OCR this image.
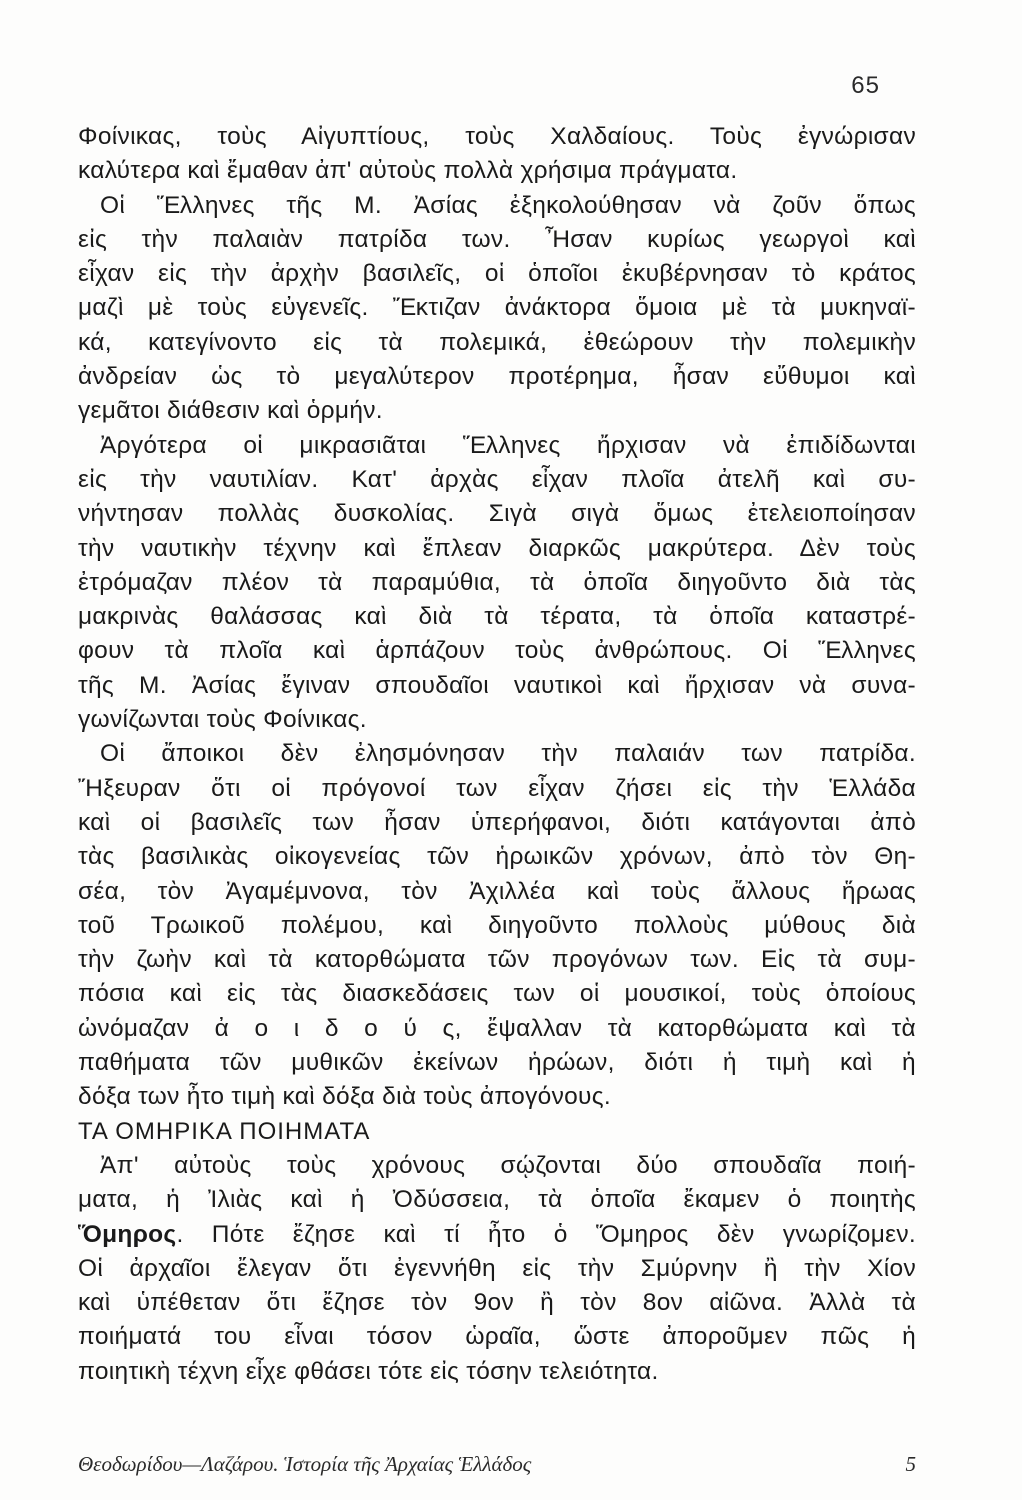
65
Φοίνικας, τοὺς Αἰγυπτίους, τοὺς Χαλδαίους. Τοὺς ἐγνώρισαν
καλύτερα καὶ ἔμαθαν ἀπ' αὐτοὺς πολλὰ χρήσιμα πράγματα.
Οἱ Ἕλληνες τῆς Μ. Ἀσίας ἐξηκολούθησαν νὰ ζοῦν ὅπως
εἰς τὴν παλαιὰν πατρίδα των. Ἦσαν κυρίως γεωργοὶ καὶ
εἶχαν εἰς τὴν ἀρχὴν βασιλεῖς, οἱ ὁποῖοι ἐκυβέρνησαν τὸ κράτος
μαζὶ μὲ τοὺς εὐγενεῖς. Ἔκτιζαν ἀνάκτορα ὅμοια μὲ τὰ μυκηναϊ-
κά, κατεγίνοντο εἰς τὰ πολεμικά, ἐθεώρουν τὴν πολεμικὴν
ἀνδρείαν ὡς τὸ μεγαλύτερον προτέρημα, ἦσαν εὔθυμοι καὶ
γεμᾶτοι διάθεσιν καὶ ὁρμήν.
Ἀργότερα οἱ μικρασιᾶται Ἕλληνες ἤρχισαν νὰ ἐπιδίδωνται
εἰς τὴν ναυτιλίαν. Κατ' ἀρχὰς εἶχαν πλοῖα ἀτελῆ καὶ συ-
νήντησαν πολλὰς δυσκολίας. Σιγὰ σιγὰ ὅμως ἐτελειοποίησαν
τὴν ναυτικὴν τέχνην καὶ ἔπλεαν διαρκῶς μακρύτερα. Δὲν τοὺς
ἐτρόμαζαν πλέον τὰ παραμύθια, τὰ ὁποῖα διηγοῦντο διὰ τὰς
μακρινὰς θαλάσσας καὶ διὰ τὰ τέρατα, τὰ ὁποῖα καταστρέ-
φουν τὰ πλοῖα καὶ ἁρπάζουν τοὺς ἀνθρώπους. Οἱ Ἕλληνες
τῆς Μ. Ἀσίας ἔγιναν σπουδαῖοι ναυτικοὶ καὶ ἤρχισαν νὰ συνα-
γωνίζωνται τοὺς Φοίνικας.
Οἱ ἄποικοι δὲν ἐλησμόνησαν τὴν παλαιάν των πατρίδα.
Ἤξευραν ὅτι οἱ πρόγονοί των εἶχαν ζήσει εἰς τὴν Ἑλλάδα
καὶ οἱ βασιλεῖς των ἦσαν ὑπερήφανοι, διότι κατάγονται ἀπὸ
τὰς βασιλικὰς οἰκογενείας τῶν ἡρωικῶν χρόνων, ἀπὸ τὸν Θη-
σέα, τὸν Ἀγαμέμνονα, τὸν Ἀχιλλέα καὶ τοὺς ἄλλους ἥρωας
τοῦ Τρωικοῦ πολέμου, καὶ διηγοῦντο πολλοὺς μύθους διὰ
τὴν ζωὴν καὶ τὰ κατορθώματα τῶν προγόνων των. Εἰς τὰ συμ-
πόσια καὶ εἰς τὰς διασκεδάσεις των οἱ μουσικοί, τοὺς ὁποίους
ὠνόμαζαν ἀ ο ι δ ο ύ ς, ἔψαλλαν τὰ κατορθώματα καὶ τὰ
παθήματα τῶν μυθικῶν ἐκείνων ἡρώων, διότι ἡ τιμὴ καὶ ἡ
δόξα των ἦτο τιμὴ καὶ δόξα διὰ τοὺς ἀπογόνους.
ΤΑ ΟΜΗΡΙΚΑ ΠΟΙΗΜΑΤΑ
Ἀπ' αὐτοὺς τοὺς χρόνους σῴζονται δύο σπουδαῖα ποιή-
ματα, ἡ Ἰλιὰς καὶ ἡ Ὀδύσσεια, τὰ ὁποῖα ἔκαμεν ὁ ποιητὴς
Ὅμηρος. Πότε ἔζησε καὶ τί ἦτο ὁ Ὅμηρος δὲν γνωρίζομεν.
Οἱ ἀρχαῖοι ἔλεγαν ὅτι ἐγεννήθη εἰς τὴν Σμύρνην ἢ τὴν Χίον
καὶ ὑπέθεταν ὅτι ἔζησε τὸν 9ον ἢ τὸν 8ον αἰῶνα. Ἀλλὰ τὰ
ποιήματά του εἶναι τόσον ὡραῖα, ὥστε ἀποροῦμεν πῶς ἡ
ποιητικὴ τέχνη εἶχε φθάσει τότε εἰς τόσην τελειότητα.
Θεοδωρίδου—Λαζάρου. Ἱστορία τῆς Ἀρχαίας Ἑλλάδος	5
